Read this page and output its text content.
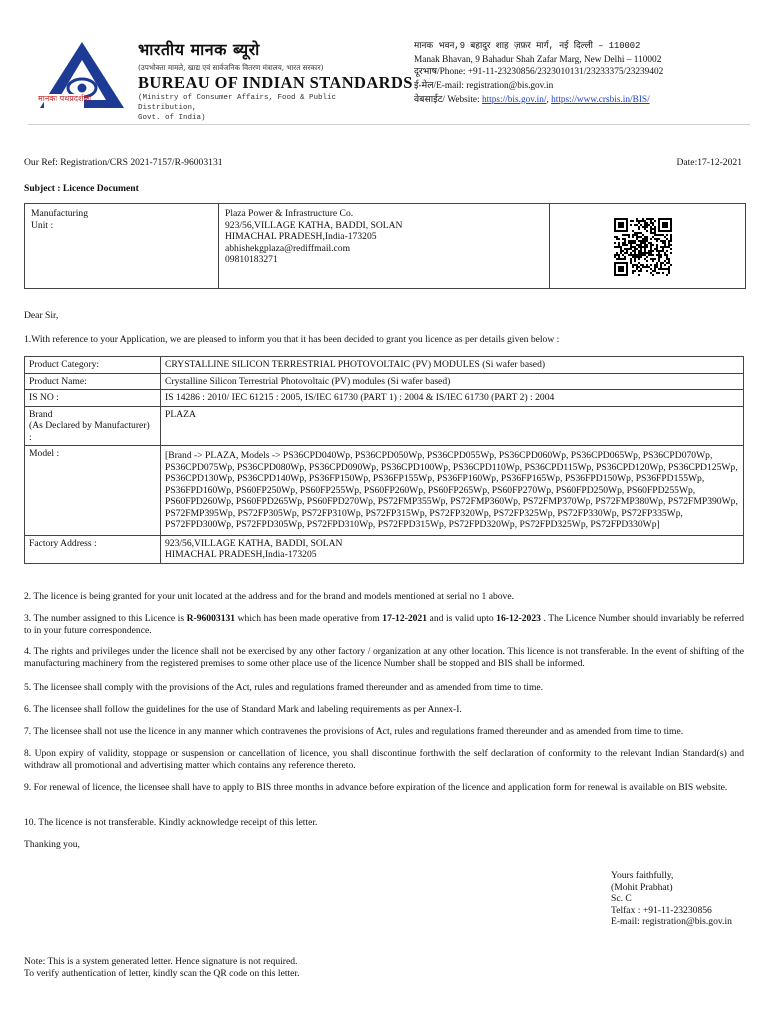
मानकः पथप्रदर्शकः
भारतीय मानक ब्यूरो
(उपभोक्ता मामले, खाद्य एवं सार्वजनिक वितरण मंत्रालय, भारत सरकार)
BUREAU OF INDIAN STANDARDS
(Ministry of Consumer Affairs, Food & Public Distribution,
Govt. of India)
मानक भवन,9 बहादुर शाह ज़फ़र मार्ग, नई दिल्ली – 110002
Manak Bhavan, 9 Bahadur Shah Zafar Marg, New Delhi – 110002
दूरभाष/Phone: +91-11-23230856/2323010131/23233375/23239402
ई-मेल/E-mail: registration@bis.gov.in
वेबसाईट/ Website: https://bis.gov.in/, https://www.crsbis.in/BIS/
Our Ref: Registration/CRS 2021-7157/R-96003131	Date:17-12-2021
Subject : Licence Document
Manufacturing
Unit :
Plaza Power & Infrastructure Co.
923/56,VILLAGE KATHA, BADDI, SOLAN
HIMACHAL PRADESH,India-173205
abhishekgplaza@rediffmail.com
09810183271
Dear Sir,
1.With reference to your Application, we are pleased to inform you that it has been decided to grant you licence as per details given below :
Product Category:	CRYSTALLINE SILICON TERRESTRIAL PHOTOVOLTAIC (PV) MODULES (Si wafer based)
Product Name:	Crystalline Silicon Terrestrial Photovoltaic (PV) modules (Si wafer based)
IS NO :	IS 14286 : 2010/ IEC 61215 : 2005, IS/IEC 61730 (PART 1) : 2004 & IS/IEC 61730 (PART 2) : 2004

Brand
(As Declared by Manufacturer)
:	PLAZA
Model :	[Brand -> PLAZA, Models -> PS36CPD040Wp, PS36CPD050Wp, PS36CPD055Wp, PS36CPD060Wp, PS36CPD065Wp, PS36CPD070Wp, PS36CPD075Wp, PS36CPD080Wp, PS36CPD090Wp, PS36CPD100Wp, PS36CPD110Wp, PS36CPD115Wp, PS36CPD120Wp, PS36CPD125Wp, PS36CPD130Wp, PS36CPD140Wp, PS36FP150Wp, PS36FP155Wp, PS36FP160Wp, PS36FP165Wp, PS36FPD150Wp, PS36FPD155Wp, PS36FPD160Wp, PS60FP250Wp, PS60FP255Wp, PS60FP260Wp, PS60FP265Wp, PS60FP270Wp, PS60FPD250Wp, PS60FPD255Wp, PS60FPD260Wp, PS60FPD265Wp, PS60FPD270Wp, PS72FMP355Wp, PS72FMP360Wp, PS72FMP370Wp, PS72FMP380Wp, PS72FMP390Wp, PS72FMP395Wp, PS72FP305Wp, PS72FP310Wp, PS72FP315Wp, PS72FP320Wp, PS72FP325Wp, PS72FP330Wp, PS72FP335Wp, PS72FPD300Wp, PS72FPD305Wp, PS72FPD310Wp, PS72FPD315Wp, PS72FPD320Wp, PS72FPD325Wp, PS72FPD330Wp]
Factory Address :	923/56,VILLAGE KATHA, BADDI, SOLAN
HIMACHAL PRADESH,India-173205
2. The licence is being granted for your unit located at the address and for the brand and models mentioned at serial no 1 above.
3. The number assigned to this Licence is R-96003131 which has been made operative from 17-12-2021 and is valid upto 16-12-2023 . The Licence Number should invariably be referred to in your future correspondence.
4. The rights and privileges under the licence shall not be exercised by any other factory / organization at any other location. This licence is not transferable. In the event of shifting of the manufacturing machinery from the registered premises to some other place use of the licence Number shall be stopped and BIS shall be informed.
5. The licensee shall comply with the provisions of the Act, rules and regulations framed thereunder and as amended from time to time.
6. The licensee shall follow the guidelines for the use of Standard Mark and labeling requirements as per Annex-I.
7. The licensee shall not use the licence in any manner which contravenes the provisions of Act, rules and regulations framed thereunder and as amended from time to time.
8. Upon expiry of validity, stoppage or suspension or cancellation of licence, you shall discontinue forthwith the self declaration of conformity to the relevant Indian Standard(s) and withdraw all promotional and advertising matter which contains any reference thereto.
9. For renewal of licence, the licensee shall have to apply to BIS three months in advance before expiration of the licence and application form for renewal is available on BIS website.
10. The licence is not transferable. Kindly acknowledge receipt of this letter.
Thanking you,
Yours faithfully,
(Mohit Prabhat)
Sc. C
Telfax : +91-11-23230856
E-mail: registration@bis.gov.in
Note: This is a system generated letter. Hence signature is not required.
To verify authentication of letter, kindly scan the QR code on this letter.
